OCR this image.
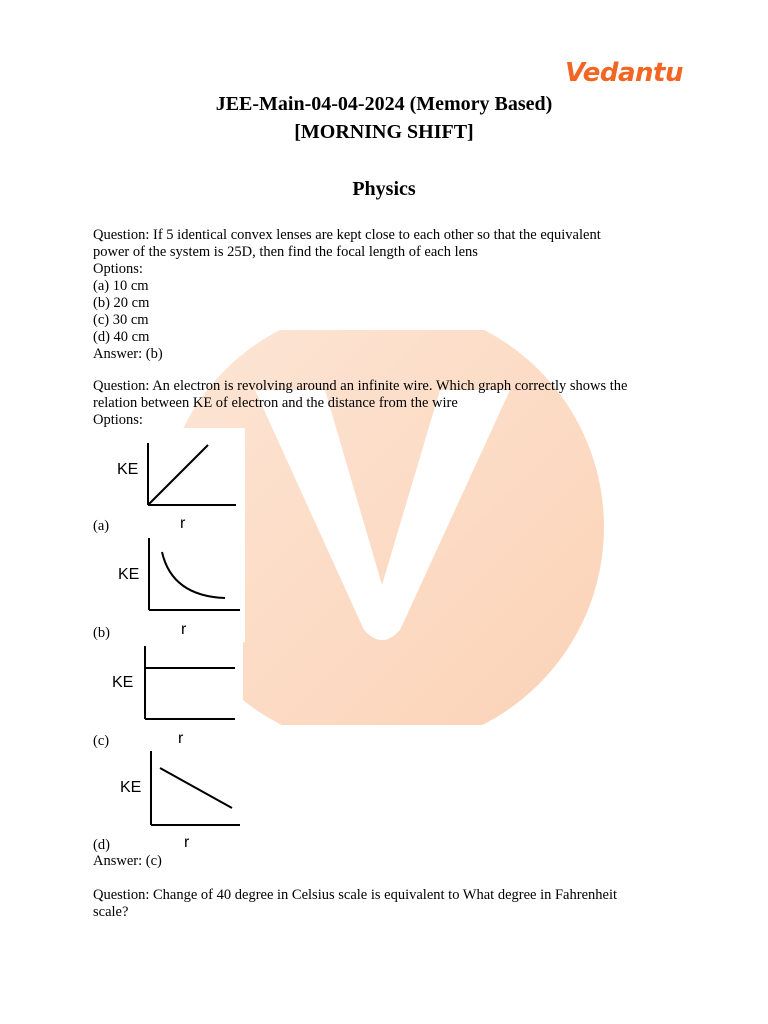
Vedantu
JEE-Main-04-04-2024 (Memory Based)
[MORNING SHIFT]
Physics
Question: If 5 identical convex lenses are kept close to each other so that the equivalent
power of the system is 25D, then find the focal length of each lens
Options:
(a) 10 cm
(b) 20 cm
(c) 30 cm
(d) 40 cm
Answer: (b)
Question: An electron is revolving around an infinite wire. Which graph correctly shows the
relation between KE of electron and the distance from the wire
Options:
KE
r
(a)
KE
r
(b)
KE
r
(c)
KE
r
(d)
Answer: (c)
Question: Change of 40 degree in Celsius scale is equivalent to What degree in Fahrenheit
scale?
